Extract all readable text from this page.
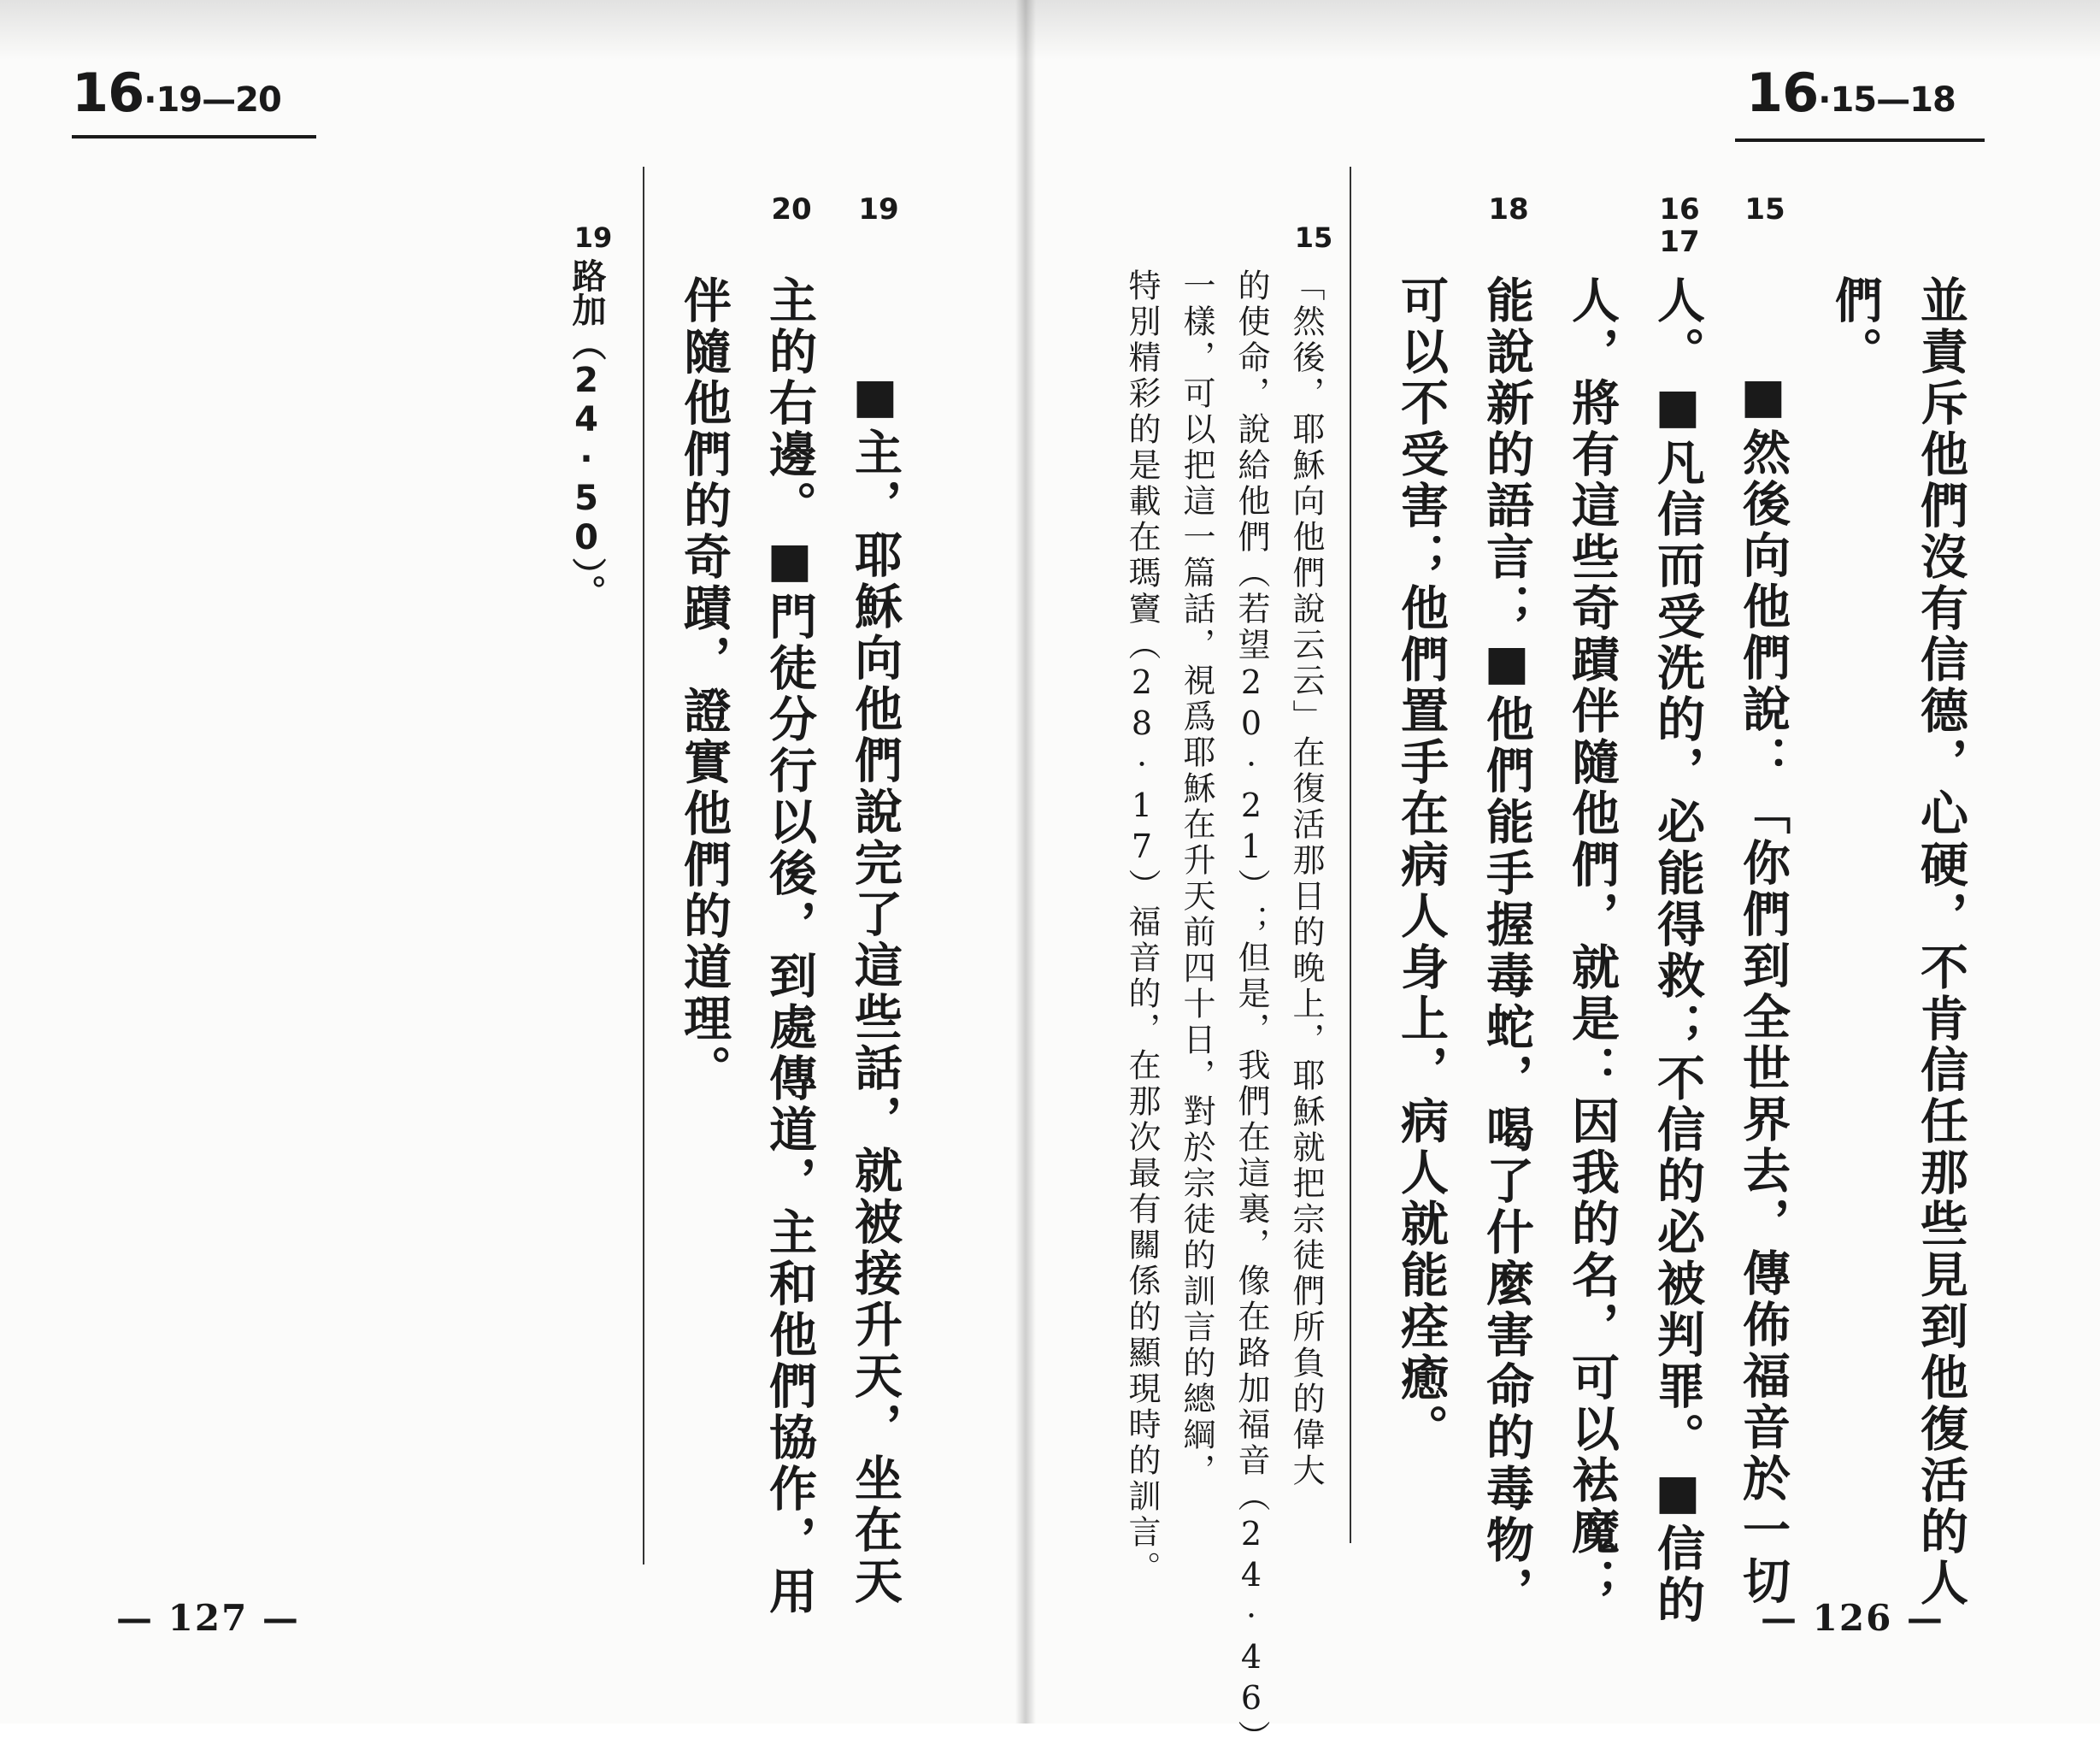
16·19—20
20 19
■主，耶穌向他們說完了這些話，就被接升天，坐在天
主的右邊。■門徒分行以後，到處傳道，主和他們協作，用
伴隨他們的奇蹟，證實他們的道理。
19
路加（24·50）。
— 127 —
16·15—18
並責斥他們沒有信德，心硬，不肯信任那些見到他復活的人
們。
15
■然後向他們說：「你們到全世界去，傳佈福音於一切
16
17
人。■凡信而受洗的，必能得救；不信的必被判罪。■信的
人，將有這些奇蹟伴隨他們，就是：因我的名，可以袪魔；
18
能說新的語言；■他們能手握毒蛇，喝了什麼害命的毒物，
可以不受害；他們置手在病人身上，病人就能痊癒。
15
「然後，耶穌向他們說云云」在復活那日的晚上，耶穌就把宗徒們所負的偉大
的使命，說給他們（若望20·21）；但是，我們在這裏，像在路加福音（24·46）
一樣，可以把這一篇話，視爲耶穌在升天前四十日，對於宗徒的訓言的總綱，
特別精彩的是載在瑪竇（28·17）福音的，在那次最有關係的顯現時的訓言。
— 126 —
